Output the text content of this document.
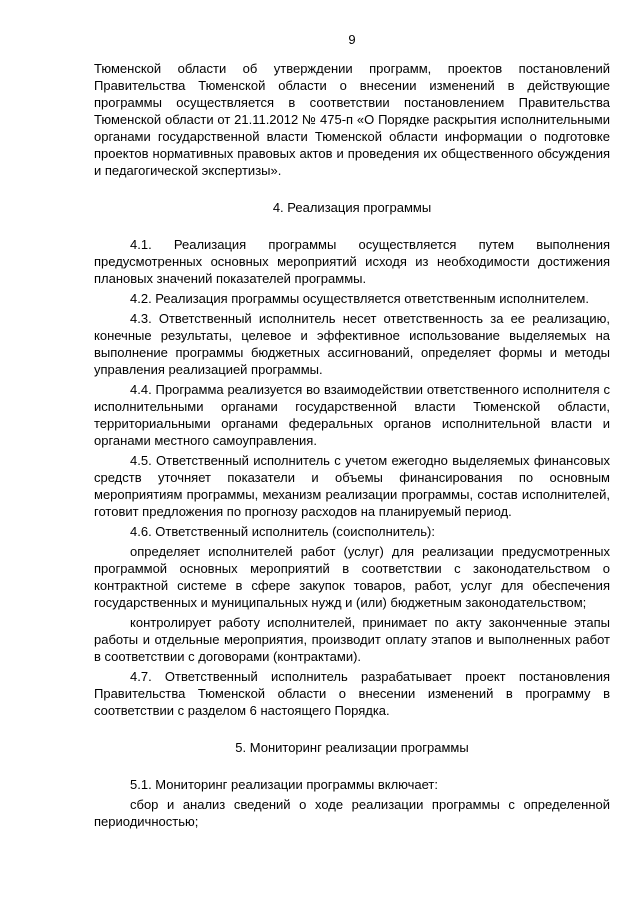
9

Тюменской области об утверждении программ, проектов постановлений Правительства Тюменской области о внесении изменений в действующие программы осуществляется в соответствии постановлением Правительства Тюменской области от 21.11.2012 № 475-п «О Порядке раскрытия исполнительными органами государственной власти Тюменской области информации о подготовке проектов нормативных правовых актов и проведения их общественного обсуждения и педагогической экспертизы».

4. Реализация программы

4.1. Реализация программы осуществляется путем выполнения предусмотренных основных мероприятий исходя из необходимости достижения плановых значений показателей программы.

4.2. Реализация программы осуществляется ответственным исполнителем.

4.3. Ответственный исполнитель несет ответственность за ее реализацию, конечные результаты, целевое и эффективное использование выделяемых на выполнение программы бюджетных ассигнований, определяет формы и методы управления реализацией программы.

4.4. Программа реализуется во взаимодействии ответственного исполнителя с исполнительными органами государственной власти Тюменской области, территориальными органами федеральных органов исполнительной власти и органами местного самоуправления.

4.5. Ответственный исполнитель с учетом ежегодно выделяемых финансовых средств уточняет показатели и объемы финансирования по основным мероприятиям программы, механизм реализации программы, состав исполнителей, готовит предложения по прогнозу расходов на планируемый период.

4.6. Ответственный исполнитель (соисполнитель):

определяет исполнителей работ (услуг) для реализации предусмотренных программой основных мероприятий в соответствии с законодательством о контрактной системе в сфере закупок товаров, работ, услуг для обеспечения государственных и муниципальных нужд и (или) бюджетным законодательством;

контролирует работу исполнителей, принимает по акту законченные этапы работы и отдельные мероприятия, производит оплату этапов и выполненных работ в соответствии с договорами (контрактами).

4.7. Ответственный исполнитель разрабатывает проект постановления Правительства Тюменской области о внесении изменений в программу в соответствии с разделом 6 настоящего Порядка.

5. Мониторинг реализации программы

5.1. Мониторинг реализации программы включает:

сбор и анализ сведений о ходе реализации программы с определенной периодичностью;
